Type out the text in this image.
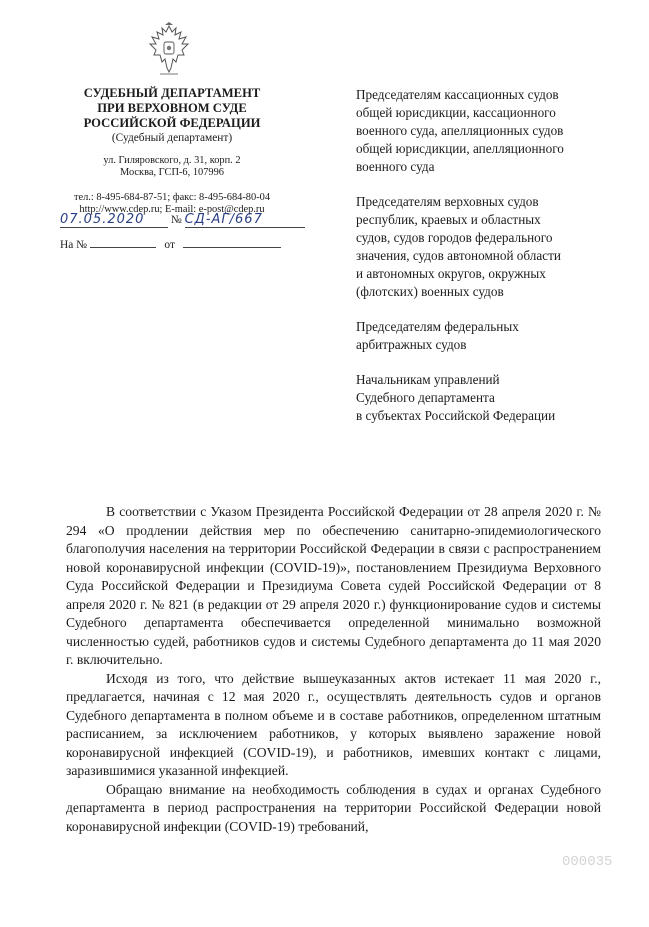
СУДЕБНЫЙ ДЕПАРТАМЕНТ
ПРИ ВЕРХОВНОМ СУДЕ
РОССИЙСКОЙ ФЕДЕРАЦИИ
(Судебный департамент)
ул. Гиляровского, д. 31, корп. 2
Москва, ГСП-6, 107996
тел.: 8-495-684-87-51; факс: 8-495-684-80-04
http://www.cdep.ru; E-mail: e-post@cdep.ru
07.05.2020 № СД-АГ/667
На №	от
Председателям кассационных судов
общей юрисдикции, кассационного
военного суда, апелляционных судов
общей юрисдикции, апелляционного
военного суда
Председателям верховных судов
республик, краевых и областных
судов, судов городов федерального
значения, судов автономной области
и автономных округов, окружных
(флотских) военных судов
Председателям федеральных
арбитражных судов
Начальникам управлений
Судебного департамента
в субъектах Российской Федерации

В соответствии с Указом Президента Российской Федерации от 28 апреля 2020 г. № 294 «О продлении действия мер по обеспечению санитарно-эпидемиологического благополучия населения на территории Российской Федерации в связи с распространением новой коронавирусной инфекции (COVID-19)», постановлением Президиума Верховного Суда Российской Федерации и Президиума Совета судей Российской Федерации от 8 апреля 2020 г. № 821 (в редакции от 29 апреля 2020 г.) функционирование судов и системы Судебного департамента обеспечивается определенной минимально возможной численностью судей, работников судов и системы Судебного департамента до 11 мая 2020 г. включительно.

Исходя из того, что действие вышеуказанных актов истекает 11 мая 2020 г., предлагается, начиная с 12 мая 2020 г., осуществлять деятельность судов и органов Судебного департамента в полном объеме и в составе работников, определенном штатным расписанием, за исключением работников, у которых выявлено заражение новой коронавирусной инфекцией (COVID-19), и работников, имевших контакт с лицами, заразившимися указанной инфекцией.

Обращаю внимание на необходимость соблюдения в судах и органах Судебного департамента в период распространения на территории Российской Федерации новой коронавирусной инфекции (COVID-19) требований,

000035
